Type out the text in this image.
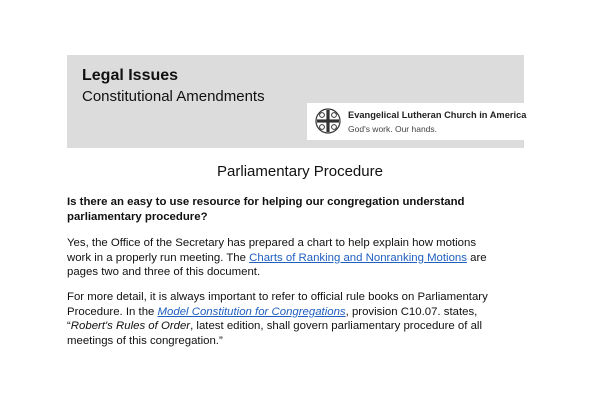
Legal Issues
Constitutional Amendments
Evangelical Lutheran Church in America
God's work. Our hands.
Parliamentary Procedure
Is there an easy to use resource for helping our congregation understand
parliamentary procedure?
Yes, the Office of the Secretary has prepared a chart to help explain how motions
work in a properly run meeting. The Charts of Ranking and Nonranking Motions are
pages two and three of this document.
For more detail, it is always important to refer to official rule books on Parliamentary
Procedure. In the Model Constitution for Congregations, provision C10.07. states,
“Robert's Rules of Order, latest edition, shall govern parliamentary procedure of all
meetings of this congregation.”
